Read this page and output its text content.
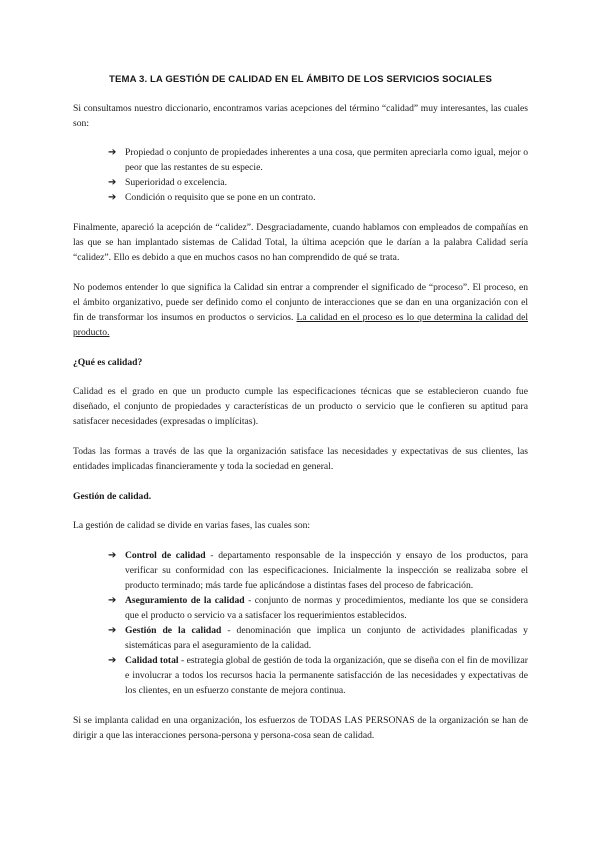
TEMA 3. LA GESTIÓN DE CALIDAD EN EL ÁMBITO DE LOS SERVICIOS SOCIALES

Si consultamos nuestro diccionario, encontramos varias acepciones del término “calidad” muy interesantes, las cuales son:

➔ Propiedad o conjunto de propiedades inherentes a una cosa, que permiten apreciarla como igual, mejor o peor que las restantes de su especie.
➔ Superioridad o excelencia.
➔ Condición o requisito que se pone en un contrato.

Finalmente, apareció la acepción de “calidez”. Desgraciadamente, cuando hablamos con empleados de compañías en las que se han implantado sistemas de Calidad Total, la última acepción que le darían a la palabra Calidad sería “calidez”. Ello es debido a que en muchos casos no han comprendido de qué se trata.

No podemos entender lo que significa la Calidad sin entrar a comprender el significado de “proceso”. El proceso, en el ámbito organizativo, puede ser definido como el conjunto de interacciones que se dan en una organización con el fin de transformar los insumos en productos o servicios. La calidad en el proceso es lo que determina la calidad del producto.

¿Qué es calidad?

Calidad es el grado en que un producto cumple las especificaciones técnicas que se establecieron cuando fue diseñado, el conjunto de propiedades y características de un producto o servicio que le confieren su aptitud para satisfacer necesidades (expresadas o implícitas).

Todas las formas a través de las que la organización satisface las necesidades y expectativas de sus clientes, las entidades implicadas financieramente y toda la sociedad en general.

Gestión de calidad.

La gestión de calidad se divide en varias fases, las cuales son:

➔ Control de calidad - departamento responsable de la inspección y ensayo de los productos, para verificar su conformidad con las especificaciones. Inicialmente la inspección se realizaba sobre el producto terminado; más tarde fue aplicándose a distintas fases del proceso de fabricación.
➔ Aseguramiento de la calidad - conjunto de normas y procedimientos, mediante los que se considera que el producto o servicio va a satisfacer los requerimientos establecidos.
➔ Gestión de la calidad - denominación que implica un conjunto de actividades planificadas y sistemáticas para el aseguramiento de la calidad.
➔ Calidad total - estrategia global de gestión de toda la organización, que se diseña con el fin de movilizar e involucrar a todos los recursos hacia la permanente satisfacción de las necesidades y expectativas de los clientes, en un esfuerzo constante de mejora continua.

Si se implanta calidad en una organización, los esfuerzos de TODAS LAS PERSONAS de la organización se han de dirigir a que las interacciones persona-persona y persona-cosa sean de calidad.
